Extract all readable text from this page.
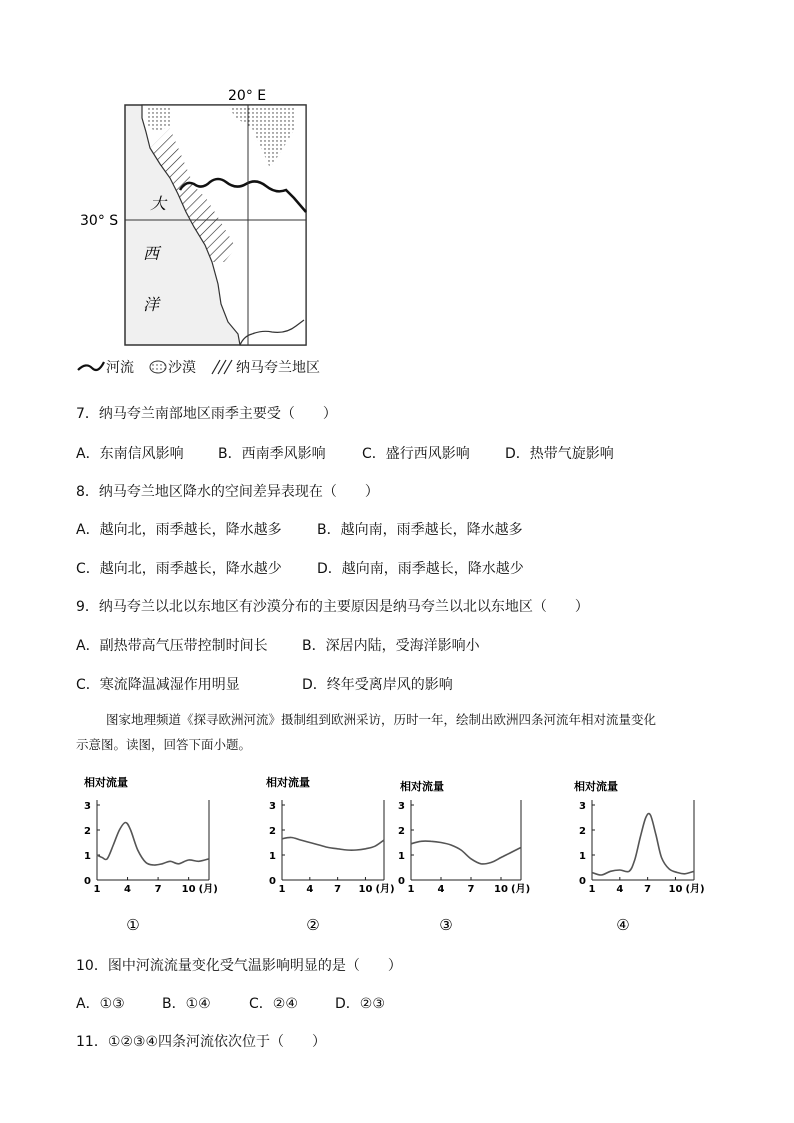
大
西
洋
20° E
30° S
河流 沙漠	纳马夸兰地区
7．纳马夸兰南部地区雨季主要受（　　）
A．东南信风影响 B．西南季风影响	C．盛行西风影响	D．热带气旋影响
8．纳马夸兰地区降水的空间差异表现在（　　）
A．越向北，雨季越长，降水越多	B．越向南，雨季越长，降水越多
C．越向北，雨季越长，降水越少	D．越向南，雨季越长，降水越少
9．纳马夸兰以北以东地区有沙漠分布的主要原因是纳马夸兰以北以东地区（　　）
A．副热带高气压带控制时间长 B．深居内陆，受海洋影响小
C．寒流降温减湿作用明显	D．终年受离岸风的影响
图家地理频道《探寻欧洲河流》摄制组到欧洲采访，历时一年，绘制出欧洲四条河流年相对流量变化
示意图。读图，回答下面小题。
相对流量
0
1
2
3
1 4 7 10 (月)
①
相对流量
0
1
2
3
1 4 7 10 (月)
②
相对流量
0
1
2
3
1 4 7 10 (月)
③
相对流量
0
1
2
3
1 4 7 10 (月)
④
10．图中河流流量变化受气温影响明显的是（　　）
A．①③	B．①④	C．②④	D．②③
11．①②③④四条河流依次位于（　　）
